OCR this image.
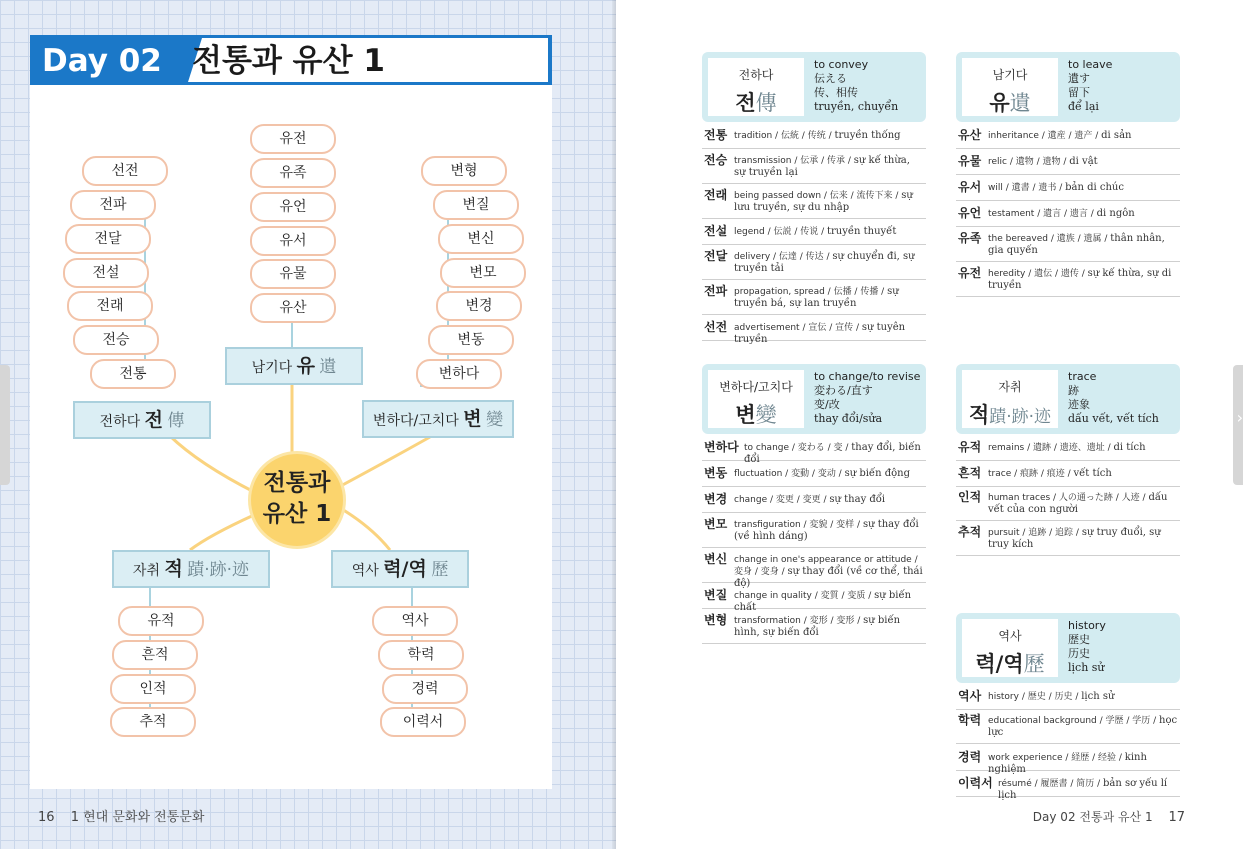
Day 02 전통과 유산 1
선전
전파
전달
전설
전래
전승
전통
유전
유족
유언
유서
유물
유산
변형
변질
변신
변모
변경
변동
변하다
유적
흔적
인적
추적
역사
학력
경력
이력서
전하다 전 傳
남기다 유 遺
변하다/고치다 변 變
자취 적 蹟·跡·迹	역사 력/역 歷
전통과
유산 1
16 1 현대 문화와 전통문화
›
전하다
전傳
to convey
伝える
传、相传
truyền, chuyển
남기다
유遺
to leave
遺す
留下
để lại
변하다/고치다
변變
to change/to revise
変わる/直す
变/改
thay đổi/sửa
자취
적蹟·跡·迹
trace
跡
迹象
dấu vết, vết tích
역사
력/역歷
history
歴史
历史
lịch sử
전통 tradition / 伝統 / 传统 / truyền thống
전승 transmission / 伝承 / 传承 / sự kế thừa, sự truyền lại
전래 being passed down / 伝来 / 流传下来 / sự lưu truyền, sự du nhập
전설 legend / 伝説 / 传说 / truyền thuyết
전달 delivery / 伝達 / 传达 / sự chuyển đi, sự truyền tải
전파 propagation, spread / 伝播 / 传播 / sự truyền bá, sự lan truyền
선전 advertisement / 宣伝 / 宣传 / sự tuyên truyền
유산 inheritance / 遺産 / 遗产 / di sản
유물 relic / 遺物 / 遗物 / di vật
유서 will / 遺書 / 遗书 / bản di chúc
유언 testament / 遺言 / 遗言 / di ngôn
유족 the bereaved / 遺族 / 遗属 / thân nhân, gia quyến
유전 heredity / 遺伝 / 遗传 / sự kế thừa, sự di truyền
변하다 to change / 変わる / 变 / thay đổi, biến đổi
변동 fluctuation / 変動 / 变动 / sự biến động
변경 change / 変更 / 变更 / sự thay đổi
변모 transfiguration / 変貌 / 变样 / sự thay đổi (về hình dáng)
변신 change in one's appearance or attitude / 変身 / 变身 / sự thay đổi (về cơ thể, thái độ)
변질 change in quality / 変質 / 变质 / sự biến chất
변형 transformation / 変形 / 变形 / sự biến hình, sự biến đổi
유적 remains / 遺跡 / 遗迹、遗址 / di tích
흔적 trace / 痕跡 / 痕迹 / vết tích
인적 human traces / 人の通った跡 / 人迹 / dấu vết của con người
추적 pursuit / 追跡 / 追踪 / sự truy đuổi, sự truy kích
역사 history / 歴史 / 历史 / lịch sử
학력 educational background / 学歴 / 学历 / học lực
경력 work experience / 経歴 / 经验 / kinh nghiệm
이력서 résumé / 履歴書 / 简历 / bản sơ yếu lí lịch
Day 02 전통과 유산 1 17
